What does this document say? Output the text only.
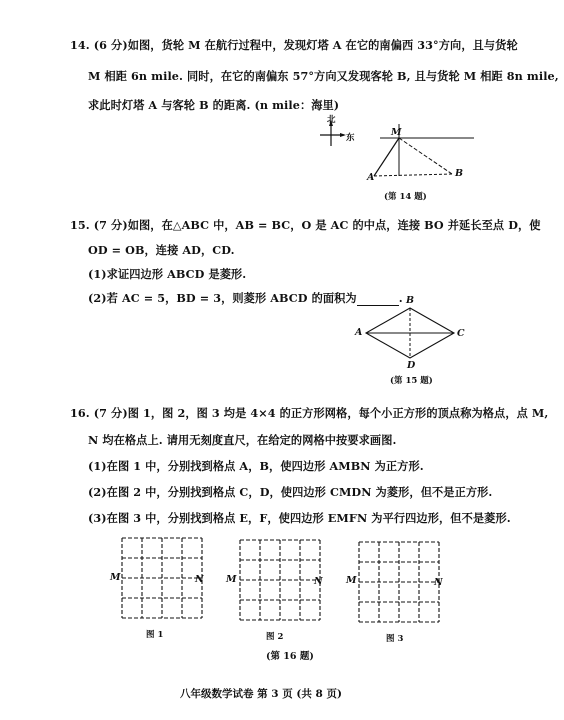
14. (6 分)如图，货轮 M 在航行过程中，发现灯塔 A 在它的南偏西 33°方向，且与货轮
M 相距 6n mile. 同时，在它的南偏东 57°方向又发现客轮 B, 且与货轮 M 相距 8n mile,
求此时灯塔 A 与客轮 B 的距离. (n mile：海里)
北
东	M
A	B
(第 14 题)
15. (7 分)如图，在△ABC 中，AB = BC，O 是 AC 的中点，连接 BO 并延长至点 D，使
OD = OB，连接 AD，CD.
(1)求证四边形 ABCD 是菱形.
(2)若 AC = 5，BD = 3，则菱形 ABCD 的面积为	. B
A	C
D
(第 15 题)
16. (7 分)图 1，图 2，图 3 均是 4×4 的正方形网格，每个小正方形的顶点称为格点，点 M,
N 均在格点上. 请用无刻度直尺，在给定的网格中按要求画图.
(1)在图 1 中，分别找到格点 A，B，使四边形 AMBN 为正方形.
(2)在图 2 中，分别找到格点 C，D，使四边形 CMDN 为菱形，但不是正方形.
(3)在图 3 中，分别找到格点 E，F，使四边形 EMFN 为平行四边形，但不是菱形.
M	N
图 1
M	N
图 2
M	N
图 3
(第 16 题)
八年级数学试卷 第 3 页 (共 8 页)
